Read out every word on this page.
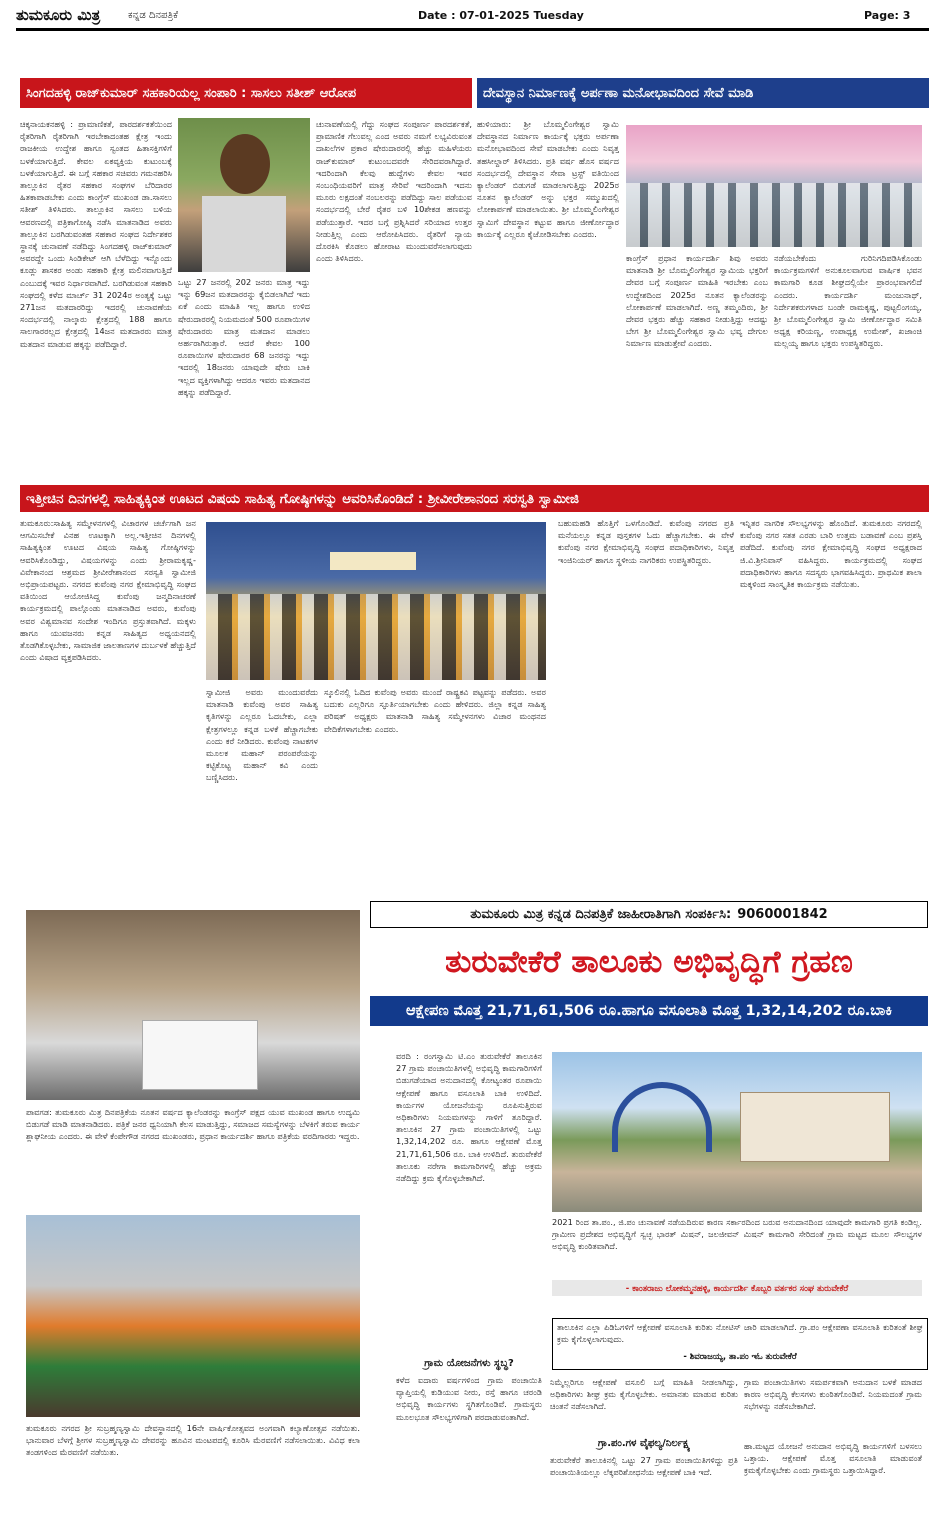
ತುಮಕೂರು ಮಿತ್ರ	ಕನ್ನಡ ದಿನಪತ್ರಿಕೆ	Date : 07-01-2025 Tuesday	Page: 3
ಸಿಂಗದಹಳ್ಳಿ ರಾಜ್‌ಕುಮಾರ್ ಸಹಕಾರಿಯಲ್ಲ ಸಂಪಾರಿ : ಸಾಸಲು ಸತೀಶ್ ಆರೋಪ
ಚಿಕ್ಕನಾಯಕನಹಳ್ಳಿ : ಪ್ರಾಮಾಣಿಕತೆ, ಪಾರದರ್ಶಕತೆಯಿಂದ ರೈತರಿಗಾಗಿ ರೈತರಿಗಾಗಿ ಇರಬೇಕಾದಂತಹ ಕ್ಷೇತ್ರ ಇಂದು ರಾಜಕೀಯ ಉದ್ದೇಶ ಹಾಗೂ ಸ್ವಂತದ ಹಿತಾಸಕ್ತಿಗಳಿಗೆ ಬಳಕೆಯಾಗುತ್ತಿದೆ. ಕೇವಲ ಏಕವ್ಯಕ್ತಿಯ ಕುಟುಂಬಕ್ಕೆ ಬಳಕೆಯಾಗುತ್ತಿದೆ. ಈ ಬಗ್ಗೆ ಸಹಕಾರ ಸಚಿವರು ಗಮನಹರಿಸಿ ತಾಲ್ಲೂಕಿನ ರೈತರ ಸಹಕಾರ ಸಂಘಗಳ ಬೆರಿದಾರರ ಹಿತಕಾಪಾಡಬೇಕು ಎಂದು ಕಾಂಗ್ರೆಸ್ ಮುಖಂಡ ಡಾ.ಸಾಸಲು ಸತೀಶ್ ತಿಳಿಸಿದರು. ತಾಲ್ಲೂಕಿನ ಸಾಸಲು ಬಳಿಯ ಆವರಣದಲ್ಲಿ ಪತ್ರಿಕಾಗೋಷ್ಠಿ ನಡೆಸಿ ಮಾತನಾಡಿದ ಅವರು ತಾಲ್ಲೂಕಿನ ಬರಗಿಡುವಂತಹ ಸಹಕಾರ ಸಂಘದ ನಿರ್ದೇಶಕರ ಸ್ಥಾನಕ್ಕೆ ಚುನಾವಣೆ ನಡೆದಿದ್ದು ಸಿಂಗದಹಳ್ಳಿ ರಾಜ್‌ಕುಮಾರ್ ಅವರದ್ದೇ ಒಂದು ಸಿಂಡಿಕೇಟ್ ಆಗಿ ಬೆಳೆದಿದ್ದು ಇನ್ನೊಂದು ಕೂಡ್ಲು ಶಾಸಕರ ಅಂಡು ಸಹಕಾರಿ ಕ್ಷೇತ್ರ ಮಲಿನವಾಗುತ್ತಿದೆ ಎಂಬುದಕ್ಕೆ ಇವರ ನಿರ್ಧಾರವಾಗಿದೆ. ಬರಗಿಡುವಂತ ಸಹಕಾರಿ ಸಂಘದಲ್ಲಿ ಕಳೆದ ಮಾರ್ಚ್ 31 2024ರ ಅಂತ್ಯಕ್ಕೆ ಒಟ್ಟು 271ಜನ ಮತದಾರರಿದ್ದು ಇದರಲ್ಲಿ ಚುನಾವಣೆಯ ಸಂದರ್ಭದಲ್ಲಿ ನಾಲ್ಕಾರು ಕ್ಷೇತ್ರದಲ್ಲಿ 188 ಹಾಗೂ ಸಾಲಗಾರರಲ್ಲದ ಕ್ಷೇತ್ರದಲ್ಲಿ 14ಜನ ಮತದಾರರು ಮಾತ್ರ ಮತದಾನ ಮಾಡುವ ಹಕ್ಕನ್ನು ಪಡೆದಿದ್ದಾರೆ.
ಒಟ್ಟು 27 ಜನರಲ್ಲಿ 202 ಜನರು ಮಾತ್ರ ಇದ್ದು ಇನ್ನು 69ಜನ ಮತದಾರರನ್ನು ಕೈಬಿಡಲಾಗಿದೆ ಇದು ಏಕೆ ಎಂದು ಮಾಹಿತಿ ಇಲ್ಲ ಹಾಗೂ ಉಳಿದ ಷೇರುದಾರರಲ್ಲಿ ನಿಯಮದಂತೆ 500 ರೂಪಾಯಿಗಳ ಷೇರುದಾರರು ಮಾತ್ರ ಮತದಾನ ಮಾಡಲು ಅರ್ಹರಾಗಿರುತ್ತಾರೆ. ಆದರೆ ಕೇವಲ 100 ರೂಪಾಯಿಗಳ ಷೇರುದಾರರ 68 ಜನರನ್ನು ಇದ್ದು ಇದರಲ್ಲಿ 18ಜನರು ಯಾವುದೇ ಷೇರು ಬಾಕಿ ಇಲ್ಲದ ವ್ಯಕ್ತಿಗಳಾಗಿದ್ದು ಆದರೂ ಇವರು ಮತದಾನದ ಹಕ್ಕನ್ನು ಪಡೆದಿದ್ದಾರೆ.
ಚುನಾವಣೆಯಲ್ಲಿ ಗೆದ್ದು ಸಂಘದ ಸಂಪೂರ್ಣ ಪಾರದರ್ಶಕತೆ, ಪ್ರಾಮಾಣಿಕ ಗೆಲುವಲ್ಲ ಎಂದ ಅವರು ನಮಗೆ ಲಭ್ಯವಿರುವಂತ ದಾಖಲೆಗಳ ಪ್ರಕಾರ ಷೇರುದಾರರಲ್ಲಿ ಹೆಚ್ಚು ಮಹಿಳೆಯರು ರಾಜ್‌ಕುಮಾರ್ ಕುಟುಂಬದವರೇ ಸೇರಿದವರಾಗಿದ್ದಾರೆ. ಇದರಿಂದಾಗಿ ಕೆಲವು ಹುದ್ದೆಗಳು ಕೇವಲ ಇವರ ಸಂಬಂಧಿಯವರಿಗೆ ಮಾತ್ರ ಸೇರಿವೆ ಇದರಿಂದಾಗಿ ಇದನು ಮೂರು ಲಕ್ಷದಂತೆ ನಂಬಲರನ್ನು ಪಡೆದಿದ್ದು ಸಾಲ ಪಡೆಯುವ ಸಂದರ್ಭದಲ್ಲಿ ಬೇರೆ ರೈತರ ಬಳಿ 10ಶೇಕಡ ಹಣವನ್ನು ಪಡೆಯುತ್ತಾರೆ. ಇದರ ಬಗ್ಗೆ ಪ್ರಶ್ನಿಸಿದರೆ ಸರಿಯಾದ ಉತ್ತರ ನೀಡುತ್ತಿಲ್ಲ ಎಂದು ಆರೋಪಿಸಿದರು. ರೈತರಿಗೆ ನ್ಯಾಯ ದೊರಕಿಸಿ ಕೊಡಲು ಹೋರಾಟ ಮುಂದುವರೆಸಲಾಗುವುದು ಎಂದು ತಿಳಿಸಿದರು.
ದೇವಸ್ಥಾನ ನಿರ್ಮಾಣಕ್ಕೆ ಅರ್ಪಣಾ ಮನೋಭಾವದಿಂದ ಸೇವೆ ಮಾಡಿ
ಹುಳಿಯಾರು: ಶ್ರೀ ಬೊಮ್ಮಲಿಂಗೇಶ್ವರ ಸ್ವಾಮಿ ದೇವಸ್ಥಾನದ ನಿರ್ಮಾಣ ಕಾರ್ಯಕ್ಕೆ ಭಕ್ತರು ಅರ್ಪಣಾ ಮನೋಭಾವದಿಂದ ಸೇವೆ ಮಾಡಬೇಕು ಎಂದು ನಿವೃತ್ತ ತಹಸೀಲ್ದಾರ್ ತಿಳಿಸಿದರು. ಪ್ರತಿ ವರ್ಷ ಹೊಸ ವರ್ಷದ ಸಂದರ್ಭದಲ್ಲಿ ದೇವಸ್ಥಾನ ಸೇವಾ ಟ್ರಸ್ಟ್ ವತಿಯಿಂದ ಕ್ಯಾಲೆಂಡರ್ ಬಿಡುಗಡೆ ಮಾಡಲಾಗುತ್ತಿದ್ದು 2025ರ ನೂತನ ಕ್ಯಾಲೆಂಡರ್ ಅನ್ನು ಭಕ್ತರ ಸಮ್ಮುಖದಲ್ಲಿ ಲೋಕಾರ್ಪಣೆ ಮಾಡಲಾಯಿತು. ಶ್ರೀ ಬೊಮ್ಮಲಿಂಗೇಶ್ವರ ಸ್ವಾಮಿಗೆ ದೇವಸ್ಥಾನ ಕಟ್ಟುವ ಹಾಗೂ ಜೀರ್ಣೋದ್ಧಾರ ಕಾರ್ಯಕ್ಕೆ ಎಲ್ಲರೂ ಕೈಜೋಡಿಸಬೇಕು ಎಂದರು.
ಕಾಂಗ್ರೆಸ್ ಪ್ರಧಾನ ಕಾರ್ಯದರ್ಶಿ ಶಿವು ಅವರು ಮಾತನಾಡಿ ಶ್ರೀ ಬೊಮ್ಮಲಿಂಗೇಶ್ವರ ಸ್ವಾಮಿಯ ಭಕ್ತರಿಗೆ ದೇವರ ಬಗ್ಗೆ ಸಂಪೂರ್ಣ ಮಾಹಿತಿ ಇರಬೇಕು ಎಂಬ ಉದ್ದೇಶದಿಂದ 2025ರ ನೂತನ ಕ್ಯಾಲೆಂಡರನ್ನು ಲೋಕಾರ್ಪಣೆ ಮಾಡಲಾಗಿದೆ. ಅಣ್ಣ ತಮ್ಮಂದಿರು, ಶ್ರೀ ದೇವರ ಭಕ್ತರು ಹೆಚ್ಚು ಸಹಕಾರ ನೀಡುತ್ತಿದ್ದು ಆದಷ್ಟು ಬೇಗ ಶ್ರೀ ಬೊಮ್ಮಲಿಂಗೇಶ್ವರ ಸ್ವಾಮಿ ಭವ್ಯ ದೇಗುಲ ನಿರ್ಮಾಣ ಮಾಡುತ್ತೇವೆ ಎಂದರು.
ನಡೆಯಬೇಕೆಂದು ಗುರಿನಿಗದಿಪಡಿಸಿಕೊಂಡು ಕಾರ್ಯಕ್ರಮಗಳಿಗೆ ಅನುಕೂಲವಾಗುವ ವಾರ್ಷಿಕ ಭವನ ಕಾಮಗಾರಿ ಕೂಡ ಶೀಘ್ರದಲ್ಲಿಯೇ ಪ್ರಾರಂಭವಾಗಲಿದೆ ಎಂದರು. ಕಾರ್ಯದರ್ಶಿ ಮಂಜುನಾಥ್, ನಿರ್ದೇಶಕರುಗಳಾದ ಬಂಡೇ ರಾಮಕೃಷ್ಣ, ಪುಟ್ಟಲಿಂಗಯ್ಯ, ಶ್ರೀ ಬೊಮ್ಮಲಿಂಗೇಶ್ವರ ಸ್ವಾಮಿ ಜೀರ್ಣೋದ್ಧಾರ ಸಮಿತಿ ಅಧ್ಯಕ್ಷ ಕರಿಯಣ್ಣ, ಉಪಾಧ್ಯಕ್ಷ ಉಮೇಶ್, ಖಜಾಂಚಿ ಮಲ್ಲಯ್ಯ ಹಾಗೂ ಭಕ್ತರು ಉಪಸ್ಥಿತರಿದ್ದರು.
ಇತ್ತೀಚಿನ ದಿನಗಳಲ್ಲಿ ಸಾಹಿತ್ಯಕ್ಕಿಂತ ಊಟದ ವಿಷಯ ಸಾಹಿತ್ಯ ಗೋಷ್ಠಿಗಳನ್ನು ಆವರಿಸಿಕೊಂಡಿದೆ : ಶ್ರೀವೀರೇಶಾನಂದ ಸರಸ್ವತಿ ಸ್ವಾಮೀಜಿ
ತುಮಕೂರು:ಸಾಹಿತ್ಯ ಸಮ್ಮೇಳನಗಳಲ್ಲಿ ವಿಚಾರಗಳ ಚರ್ಚೆಗಾಗಿ ಜನ ಆಗಮಿಸಬೇಕೆ ವಿನಹ ಊಟಕ್ಕಾಗಿ ಅಲ್ಲ.ಇತ್ತೀಚಿನ ದಿನಗಳಲ್ಲಿ ಸಾಹಿತ್ಯಕ್ಕಿಂತ ಊಟದ ವಿಷಯ ಸಾಹಿತ್ಯ ಗೋಷ್ಠಿಗಳನ್ನು ಆವರಿಸಿಕೊಂಡಿದ್ದು, ವಿಷಯಗಳನ್ನು ಎಂದು ಶ್ರೀರಾಮಕೃಷ್ಣ-ವಿವೇಕಾನಂದ ಆಶ್ರಮದ ಶ್ರೀವೀರೇಶಾನಂದ ಸರಸ್ವತಿ ಸ್ವಾಮೀಜಿ ಅಭಿಪ್ರಾಯಪಟ್ಟರು. ನಗರದ ಕುವೆಂಪು ನಗರ ಕ್ಷೇಮಾಭಿವೃದ್ಧಿ ಸಂಘದ ವತಿಯಿಂದ ಆಯೋಜಿಸಿದ್ದ ಕುವೆಂಪು ಜನ್ಮದಿನಾಚರಣೆ ಕಾರ್ಯಕ್ರಮದಲ್ಲಿ ಪಾಲ್ಗೊಂಡು ಮಾತನಾಡಿದ ಅವರು, ಕುವೆಂಪು ಅವರ ವಿಶ್ವಮಾನವ ಸಂದೇಶ ಇಂದಿಗೂ ಪ್ರಸ್ತುತವಾಗಿದೆ. ಮಕ್ಕಳು ಹಾಗೂ ಯುವಜನರು ಕನ್ನಡ ಸಾಹಿತ್ಯದ ಅಧ್ಯಯನದಲ್ಲಿ ತೊಡಗಿಕೊಳ್ಳಬೇಕು, ಸಾಮಾಜಿಕ ಜಾಲತಾಣಗಳ ದುರ್ಬಳಕೆ ಹೆಚ್ಚುತ್ತಿದೆ ಎಂದು ವಿಷಾದ ವ್ಯಕ್ತಪಡಿಸಿದರು.
ಸ್ವಾಮೀಜಿ ಅವರು ಮುಂದುವರೆದು ಮಾತನಾಡಿ ಕುವೆಂಪು ಅವರ ಸಾಹಿತ್ಯ ಕೃತಿಗಳನ್ನು ಎಲ್ಲರೂ ಓದಬೇಕು, ಎಲ್ಲಾ ಕ್ಷೇತ್ರಗಳಲ್ಲೂ ಕನ್ನಡ ಬಳಕೆ ಹೆಚ್ಚಾಗಬೇಕು ಎಂದು ಕರೆ ನೀಡಿದರು. ಕುವೆಂಪು ನಾಟಕಗಳ ಮೂಲಕ ಮಹಾನ್ ಪರಂಪರೆಯನ್ನು ಕಟ್ಟಿಕೊಟ್ಟ ಮಹಾನ್ ಕವಿ ಎಂದು ಬಣ್ಣಿಸಿದರು.
ಸ್ಕೂಲಿನಲ್ಲಿ ಓದಿದ ಕುವೆಂಪು ಅವರು ಮುಂದೆ ರಾಷ್ಟ್ರಕವಿ ಪಟ್ಟವನ್ನು ಪಡೆದರು. ಅವರ ಬದುಕು ಎಲ್ಲರಿಗೂ ಸ್ಫೂರ್ತಿಯಾಗಬೇಕು ಎಂದು ಹೇಳಿದರು. ಜಿಲ್ಲಾ ಕನ್ನಡ ಸಾಹಿತ್ಯ ಪರಿಷತ್ ಅಧ್ಯಕ್ಷರು ಮಾತನಾಡಿ ಸಾಹಿತ್ಯ ಸಮ್ಮೇಳನಗಳು ವಿಚಾರ ಮಂಥನದ ವೇದಿಕೆಗಳಾಗಬೇಕು ಎಂದರು.
ಬಹುಮಹಡಿ ಹೊತ್ತಿಗೆ ಒಳಗೊಂಡಿದೆ. ಕುವೆಂಪು ನಗರದ ಪ್ರತಿ ಮನೆಯಲ್ಲೂ ಕನ್ನಡ ಪುಸ್ತಕಗಳ ಓದು ಹೆಚ್ಚಾಗಬೇಕು. ಈ ವೇಳೆ ಕುವೆಂಪು ನಗರ ಕ್ಷೇಮಾಭಿವೃದ್ಧಿ ಸಂಘದ ಪದಾಧಿಕಾರಿಗಳು, ನಿವೃತ್ತ ಇಂಜಿನಿಯರ್ ಹಾಗೂ ಸ್ಥಳೀಯ ನಾಗರಿಕರು ಉಪಸ್ಥಿತರಿದ್ದರು.
ಇನ್ನಿತರ ನಾಗರಿಕ ಸೌಲಭ್ಯಗಳನ್ನು ಹೊಂದಿದೆ. ತುಮಕೂರು ನಗರದಲ್ಲಿ ಕುವೆಂಪು ನಗರ ಸತತ ಎರಡು ಬಾರಿ ಉತ್ತಮ ಬಡಾವಣೆ ಎಂಬ ಪ್ರಶಸ್ತಿ ಪಡೆದಿದೆ. ಕುವೆಂಪು ನಗರ ಕ್ಷೇಮಾಭಿವೃದ್ಧಿ ಸಂಘದ ಅಧ್ಯಕ್ಷರಾದ ಜಿ.ವಿ.ಶ್ರೀನಿವಾಸ್ ವಹಿಸಿದ್ದರು. ಕಾರ್ಯಕ್ರಮದಲ್ಲಿ ಸಂಘದ ಪದಾಧಿಕಾರಿಗಳು ಹಾಗೂ ಸದಸ್ಯರು ಭಾಗವಹಿಸಿದ್ದರು. ಪ್ರಾಥಮಿಕ ಶಾಲಾ ಮಕ್ಕಳಿಂದ ಸಾಂಸ್ಕೃತಿಕ ಕಾರ್ಯಕ್ರಮ ನಡೆಯಿತು.
ತುಮಕೂರು ಮಿತ್ರ ಕನ್ನಡ ದಿನಪತ್ರಿಕೆ ಜಾಹೀರಾತಿಗಾಗಿ ಸಂಪರ್ಕಿಸಿ: 9060001842
ಪಾವಗಡ: ತುಮಕೂರು ಮಿತ್ರ ದಿನಪತ್ರಿಕೆಯ ನೂತನ ವರ್ಷದ ಕ್ಯಾಲೆಂಡರನ್ನು ಕಾಂಗ್ರೆಸ್ ಪಕ್ಷದ ಯುವ ಮುಖಂಡ ಹಾಗೂ ಉದ್ಯಮಿ ಬಿಡುಗಡೆ ಮಾಡಿ ಮಾತನಾಡಿದರು. ಪತ್ರಿಕೆ ಜನರ ಧ್ವನಿಯಾಗಿ ಕೆಲಸ ಮಾಡುತ್ತಿದ್ದು, ಸಮಾಜದ ಸಮಸ್ಯೆಗಳನ್ನು ಬೆಳಕಿಗೆ ತರುವ ಕಾರ್ಯ ಶ್ಲಾಘನೀಯ ಎಂದರು. ಈ ವೇಳೆ ಕೆಂಪೇಗೌಡ ನಗರದ ಮುಖಂಡರು, ಪ್ರಧಾನ ಕಾರ್ಯದರ್ಶಿ ಹಾಗೂ ಪತ್ರಿಕೆಯ ವರದಿಗಾರರು ಇದ್ದರು.
ತುಮಕೂರು ನಗರದ ಶ್ರೀ ಸುಬ್ರಹ್ಮಣ್ಯಸ್ವಾಮಿ ದೇವಸ್ಥಾನದಲ್ಲಿ 16ನೇ ವಾರ್ಷಿಕೋತ್ಸವದ ಅಂಗವಾಗಿ ಕಲ್ಯಾಣೋತ್ಸವ ನಡೆಯಿತು. ಭಾನುವಾರ ಬೆಳಗ್ಗೆ ಶ್ರೀಗಳ ಸುಬ್ರಹ್ಮಣ್ಯಸ್ವಾಮಿ ದೇವರನ್ನು ಹೂವಿನ ಮಂಟಪದಲ್ಲಿ ಕೂರಿಸಿ ಮೆರವಣಿಗೆ ನಡೆಸಲಾಯಿತು. ವಿವಿಧ ಕಲಾ ತಂಡಗಳಿಂದ ಮೆರವಣಿಗೆ ನಡೆಯಿತು.
ತುರುವೇಕೆರೆ ತಾಲೂಕು ಅಭಿವೃದ್ಧಿಗೆ ಗ್ರಹಣ
ಆಕ್ಷೇಪಣ ಮೊತ್ತ 21,71,61,506 ರೂ.ಹಾಗೂ ವಸೂಲಾತಿ ಮೊತ್ತ 1,32,14,202 ರೂ.ಬಾಕಿ
ವರದಿ : ರಂಗಸ್ವಾಮಿ ಟಿ.ಎಂ ತುರುವೇಕೆರೆ ತಾಲೂಕಿನ 27 ಗ್ರಾಮ ಪಂಚಾಯಿತಿಗಳಲ್ಲಿ ಅಭಿವೃದ್ಧಿ ಕಾಮಗಾರಿಗಳಿಗೆ ಬಿಡುಗಡೆಯಾದ ಅನುದಾನದಲ್ಲಿ ಕೋಟ್ಯಂತರ ರೂಪಾಯಿ ಆಕ್ಷೇಪಣೆ ಹಾಗೂ ವಸೂಲಾತಿ ಬಾಕಿ ಉಳಿದಿದೆ. ಕಾರ್ಯಗಳ ಯೋಜನೆಯನ್ನು ರೂಪಿಸುತ್ತಿರುವ ಅಧಿಕಾರಿಗಳು ನಿಯಮಗಳನ್ನು ಗಾಳಿಗೆ ತೂರಿದ್ದಾರೆ. ತಾಲೂಕಿನ 27 ಗ್ರಾಮ ಪಂಚಾಯಿತಿಗಳಲ್ಲಿ ಒಟ್ಟು 1,32,14,202 ರೂ. ಹಾಗೂ ಆಕ್ಷೇಪಣೆ ಮೊತ್ತ 21,71,61,506 ರೂ. ಬಾಕಿ ಉಳಿದಿದೆ. ತುರುವೇಕೆರೆ ತಾಲೂಕು ನರೇಗಾ ಕಾಮಗಾರಿಗಳಲ್ಲಿ ಹೆಚ್ಚು ಅಕ್ರಮ ನಡೆದಿದ್ದು ಕ್ರಮ ಕೈಗೊಳ್ಳಬೇಕಾಗಿದೆ.
ಗ್ರಾಮ ಯೋಜನೆಗಳು ಸ್ಥಬ್ಧ?
ಕಳೆದ ಐದಾರು ವರ್ಷಗಳಿಂದ ಗ್ರಾಮ ಪಂಚಾಯಿತಿ ವ್ಯಾಪ್ತಿಯಲ್ಲಿ ಕುಡಿಯುವ ನೀರು, ರಸ್ತೆ ಹಾಗೂ ಚರಂಡಿ ಅಭಿವೃದ್ಧಿ ಕಾರ್ಯಗಳು ಸ್ಥಗಿತಗೊಂಡಿವೆ. ಗ್ರಾಮಸ್ಥರು ಮೂಲಭೂತ ಸೌಲಭ್ಯಗಳಿಗಾಗಿ ಪರದಾಡುವಂತಾಗಿದೆ.
ನಿಮ್ಮೆಲ್ಲರಿಗೂ ಆಕ್ಷೇಪಣೆ ವಸೂಲಿ ಬಗ್ಗೆ ಮಾಹಿತಿ ನೀಡಲಾಗಿದ್ದು, ಅಧಿಕಾರಿಗಳು ಶೀಘ್ರ ಕ್ರಮ ಕೈಗೊಳ್ಳಬೇಕು. ಅಮಾನತು ಮಾಡುವ ಕುರಿತು ಚಿಂತನೆ ನಡೆಸಲಾಗಿದೆ.
ಗ್ರಾ.ಪಂ.ಗಳ ವೈಫಲ್ಯ/ನಿರ್ಲಕ್ಷ್ಯ
ತುರುವೇಕೆರೆ ತಾಲೂಕಿನಲ್ಲಿ ಒಟ್ಟು 27 ಗ್ರಾಮ ಪಂಚಾಯಿತಿಗಳಿದ್ದು ಪ್ರತಿ ಪಂಚಾಯಿತಿಯಲ್ಲೂ ಲೆಕ್ಕಪರಿಶೋಧನೆಯ ಆಕ್ಷೇಪಣೆ ಬಾಕಿ ಇದೆ.
2021 ರಿಂದ ತಾ.ಪಂ., ಜಿ.ಪಂ ಚುನಾವಣೆ ನಡೆಯದಿರುವ ಕಾರಣ ಸರ್ಕಾರದಿಂದ ಬರುವ ಅನುದಾನದಿಂದ ಯಾವುದೇ ಕಾಮಗಾರಿ ಪ್ರಗತಿ ಕಂಡಿಲ್ಲ. ಗ್ರಾಮೀಣ ಪ್ರದೇಶದ ಅಭಿವೃದ್ಧಿಗೆ ಸ್ವಚ್ಛ ಭಾರತ್ ಮಿಷನ್, ಜಲಜೀವನ್ ಮಿಷನ್ ಕಾಮಗಾರಿ ಸೇರಿದಂತೆ ಗ್ರಾಮ ಮಟ್ಟದ ಮೂಲ ಸೌಲಭ್ಯಗಳ ಅಭಿವೃದ್ಧಿ ಕುಂಠಿತವಾಗಿದೆ.
- ಕಾಂತರಾಜು ಲೋಕಮ್ಮನಹಳ್ಳಿ, ಕಾರ್ಯದರ್ಶಿ ಕೊಬ್ಬರಿ ವರ್ತಕರ ಸಂಘ ತುರುವೇಕೆರೆ
ತಾಲೂಕಿನ ಎಲ್ಲಾ ಪಿಡಿಓಗಳಿಗೆ ಆಕ್ಷೇಪಣೆ ವಸೂಲಾತಿ ಕುರಿತು ನೋಟಿಸ್ ಜಾರಿ ಮಾಡಲಾಗಿದೆ. ಗ್ರಾ.ಪಂ ಆಕ್ಷೇಪಣಾ ವಸೂಲಾತಿ ಕುರಿತಂತೆ ಶೀಘ್ರ ಕ್ರಮ ಕೈಗೊಳ್ಳಲಾಗುವುದು.
- ಶಿವರಾಜಯ್ಯ, ತಾ.ಪಂ ಇಓ ತುರುವೇಕೆರೆ
ಗ್ರಾಮ ಪಂಚಾಯಿತಿಗಳು ಸಮರ್ಪಕವಾಗಿ ಅನುದಾನ ಬಳಕೆ ಮಾಡದ ಕಾರಣ ಅಭಿವೃದ್ಧಿ ಕೆಲಸಗಳು ಕುಂಠಿತಗೊಂಡಿವೆ. ನಿಯಮದಂತೆ ಗ್ರಾಮ ಸಭೆಗಳನ್ನು ನಡೆಸಬೇಕಾಗಿದೆ.
ಹಾ.ಮಟ್ಟದ ಯೋಜನೆ ಅನುದಾನ ಅಭಿವೃದ್ಧಿ ಕಾರ್ಯಗಳಿಗೆ ಬಳಸಲು ಒತ್ತಾಯ. ಆಕ್ಷೇಪಣೆ ಮೊತ್ತ ವಸೂಲಾತಿ ಮಾಡುವಂತೆ ಕ್ರಮಕೈಗೊಳ್ಳಬೇಕು ಎಂದು ಗ್ರಾಮಸ್ಥರು ಒತ್ತಾಯಿಸಿದ್ದಾರೆ.
